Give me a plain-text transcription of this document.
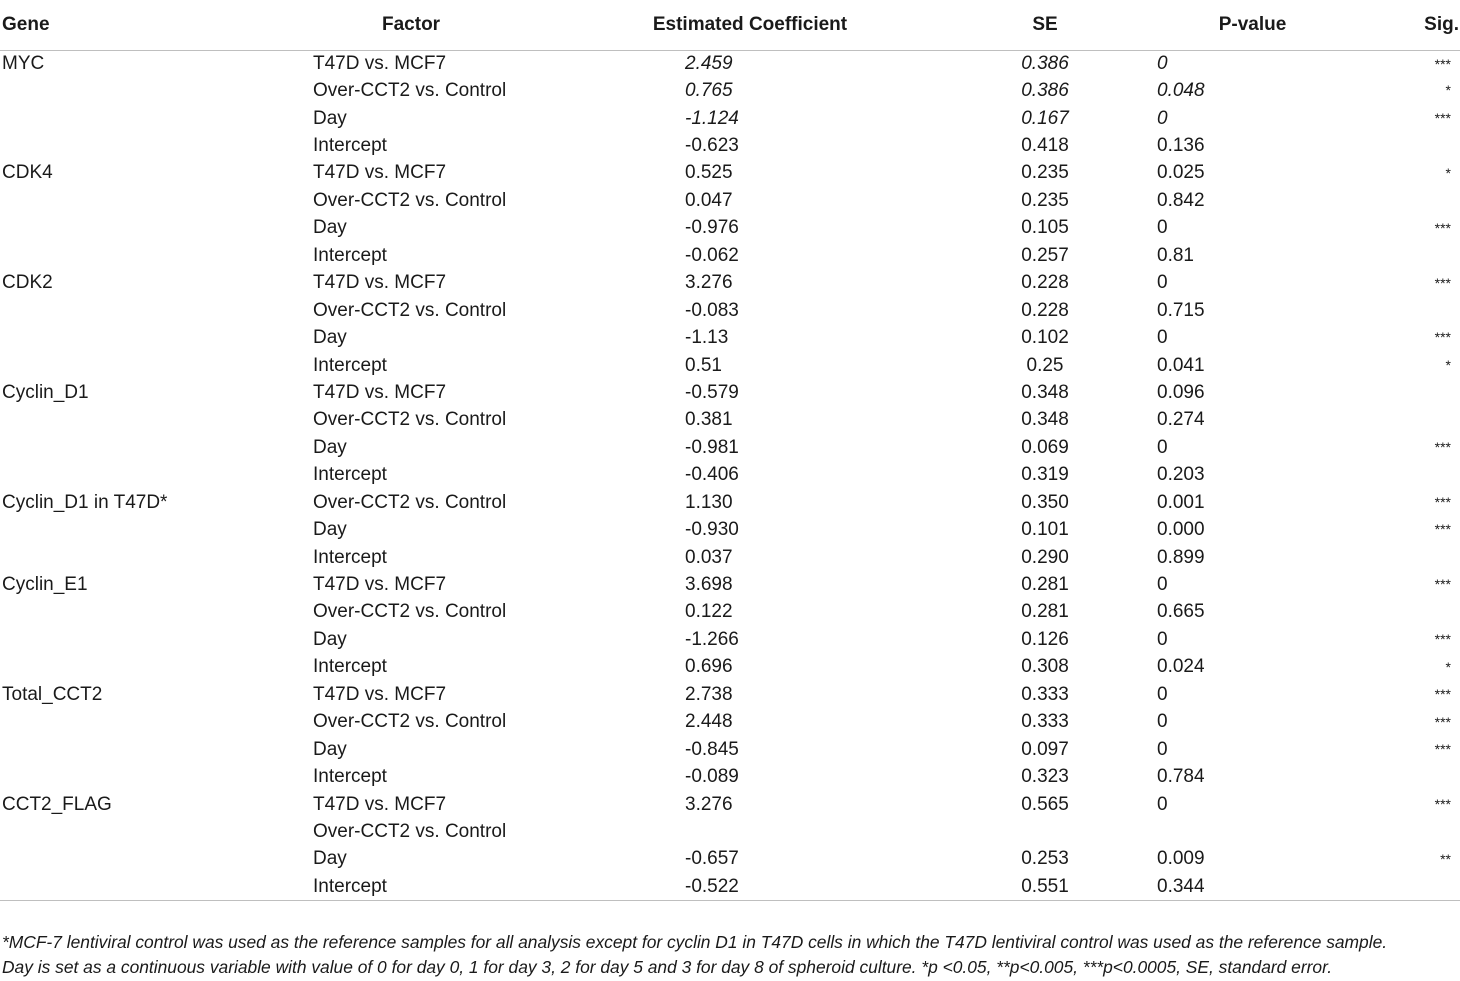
Gene	Factor	Estimated Coefficient	SE	P-value	Sig.
MYC	T47D vs. MCF7	2.459	0.386	0	***
	Over-CCT2 vs. Control	0.765	0.386	0.048	*
	Day	-1.124	0.167	0	***
	Intercept	-0.623	0.418	0.136	
CDK4	T47D vs. MCF7	0.525	0.235	0.025	*
	Over-CCT2 vs. Control	0.047	0.235	0.842	
	Day	-0.976	0.105	0	***
	Intercept	-0.062	0.257	0.81	
CDK2	T47D vs. MCF7	3.276	0.228	0	***
	Over-CCT2 vs. Control	-0.083	0.228	0.715	
	Day	-1.13	0.102	0	***
	Intercept	0.51	0.25	0.041	*
Cyclin_D1	T47D vs. MCF7	-0.579	0.348	0.096	
	Over-CCT2 vs. Control	0.381	0.348	0.274	
	Day	-0.981	0.069	0	***
	Intercept	-0.406	0.319	0.203	
Cyclin_D1 in T47D*	Over-CCT2 vs. Control	1.130	0.350	0.001	***
	Day	-0.930	0.101	0.000	***
	Intercept	0.037	0.290	0.899	
Cyclin_E1	T47D vs. MCF7	3.698	0.281	0	***
	Over-CCT2 vs. Control	0.122	0.281	0.665	
	Day	-1.266	0.126	0	***
	Intercept	0.696	0.308	0.024	*
Total_CCT2	T47D vs. MCF7	2.738	0.333	0	***
	Over-CCT2 vs. Control	2.448	0.333	0	***
	Day	-0.845	0.097	0	***
	Intercept	-0.089	0.323	0.784	
CCT2_FLAG	T47D vs. MCF7	3.276	0.565	0	***
	Over-CCT2 vs. Control				
	Day	-0.657	0.253	0.009	**
	Intercept	-0.522	0.551	0.344	
*MCF-7 lentiviral control was used as the reference samples for all analysis except for cyclin D1 in T47D cells in which the T47D lentiviral control was used as the reference sample.
Day is set as a continuous variable with value of 0 for day 0, 1 for day 3, 2 for day 5 and 3 for day 8 of spheroid culture. *p <0.05, **p<0.005, ***p<0.0005, SE, standard error.
